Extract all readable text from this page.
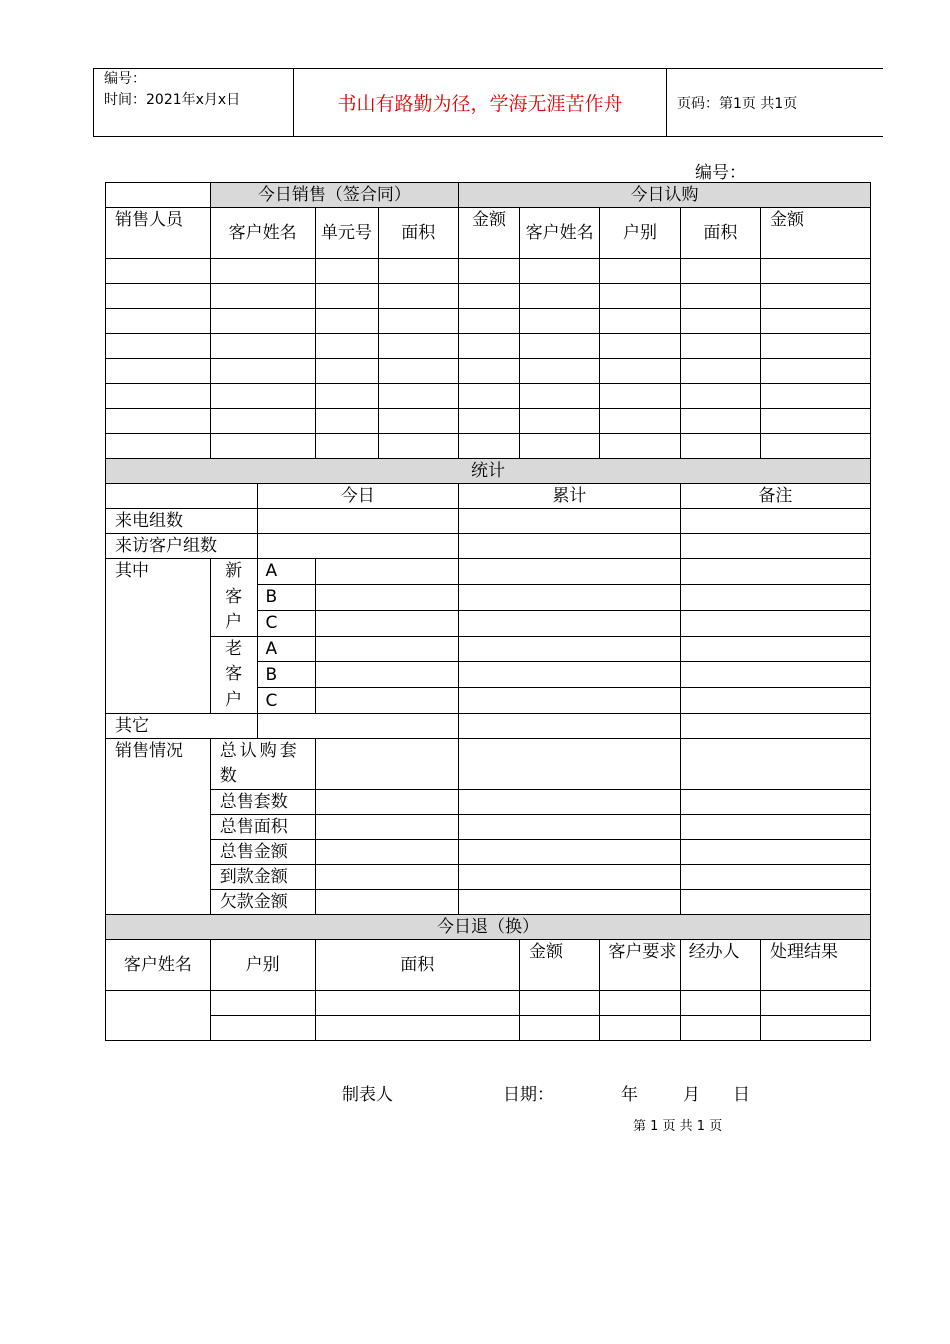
编号：
时间：2021年x月x日	书山有路勤为径，学海无涯苦作舟	页码：第1页 共1页
编号：
	今日销售（签合同）				今日认购				
销售人员	客户姓名		单元号	面积	金额	客户姓名	户别	面积	金额

统计									
		今日			累计			备注	
来电组数									
来访客户组数									
其中	新客户	A							
		B							
		C							
	老客户	A							
		B							
		C							
其它									
销售情况	总认购套数								
	总售套数								
	总售面积								
	总售金额								
	到款金额								
	欠款金额								
今日退（换）									
客户姓名	户别		面积			金额	客户要求	经办人	处理结果

制表人	日期：	年	月 日
第 1 页 共 1 页
